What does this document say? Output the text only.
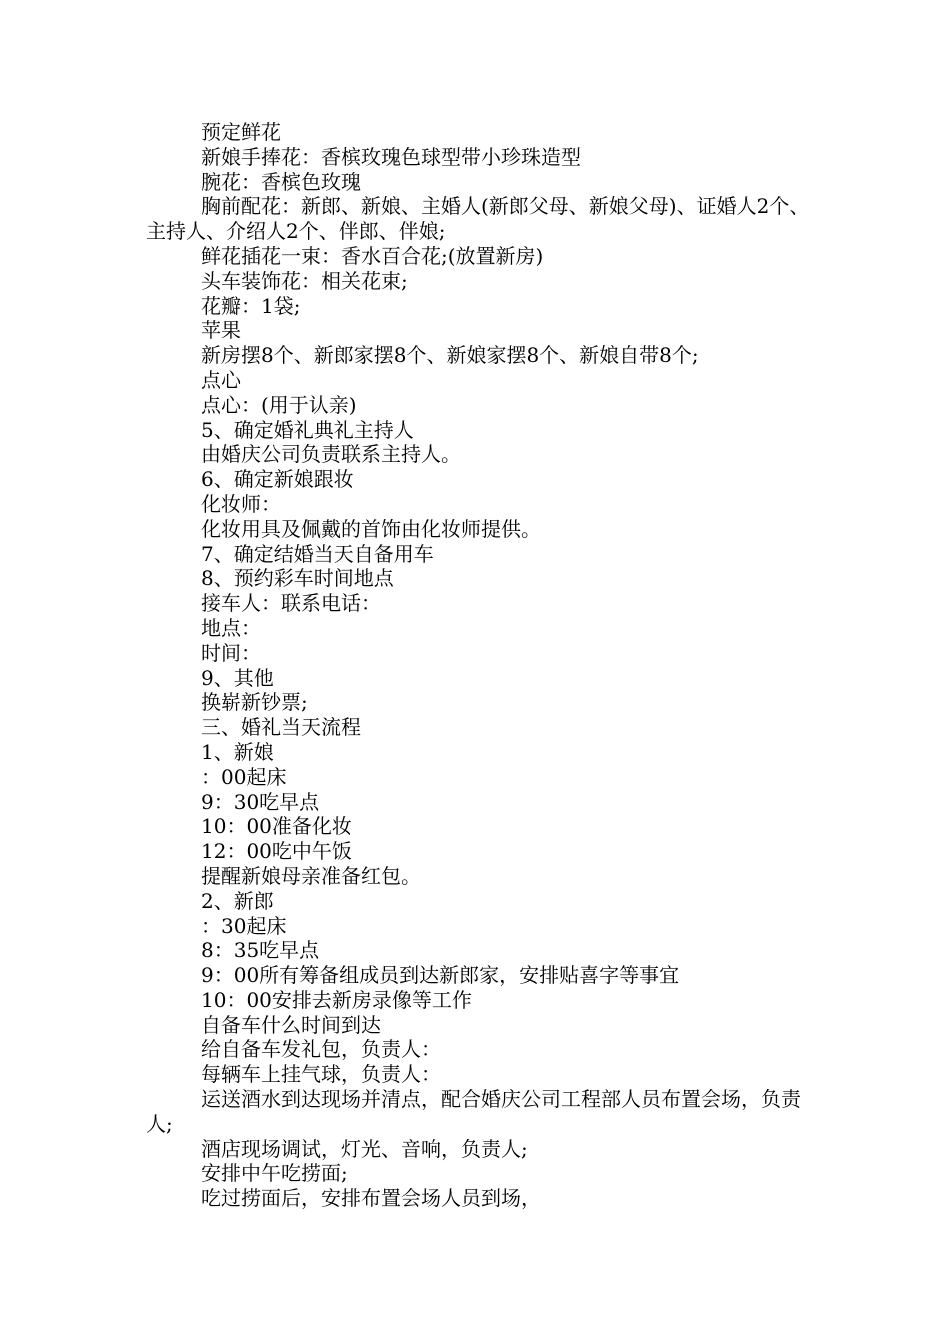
预定鲜花

新娘手捧花：香槟玫瑰色球型带小珍珠造型

腕花：香槟色玫瑰

胸前配花：新郎、新娘、主婚人(新郎父母、新娘父母)、证婚人2个、主持人、介绍人2个、伴郎、伴娘;

鲜花插花一束：香水百合花;(放置新房)

头车装饰花：相关花束;

花瓣：1袋;

苹果

新房摆8个、新郎家摆8个、新娘家摆8个、新娘自带8个;

点心

点心：(用于认亲)

5、确定婚礼典礼主持人

由婚庆公司负责联系主持人。

6、确定新娘跟妆

化妆师：

化妆用具及佩戴的首饰由化妆师提供。

7、确定结婚当天自备用车

8、预约彩车时间地点

接车人：联系电话：

地点：

时间：

9、其他

换崭新钞票;

三、婚礼当天流程

1、新娘

：00起床

9：30吃早点

10：00准备化妆

12：00吃中午饭

提醒新娘母亲准备红包。

2、新郎

：30起床

8：35吃早点

9：00所有筹备组成员到达新郎家，安排贴喜字等事宜

10：00安排去新房录像等工作

自备车什么时间到达

给自备车发礼包，负责人：

每辆车上挂气球，负责人：

运送酒水到达现场并清点，配合婚庆公司工程部人员布置会场，负责人;

酒店现场调试，灯光、音响，负责人;

安排中午吃捞面;

吃过捞面后，安排布置会场人员到场，
